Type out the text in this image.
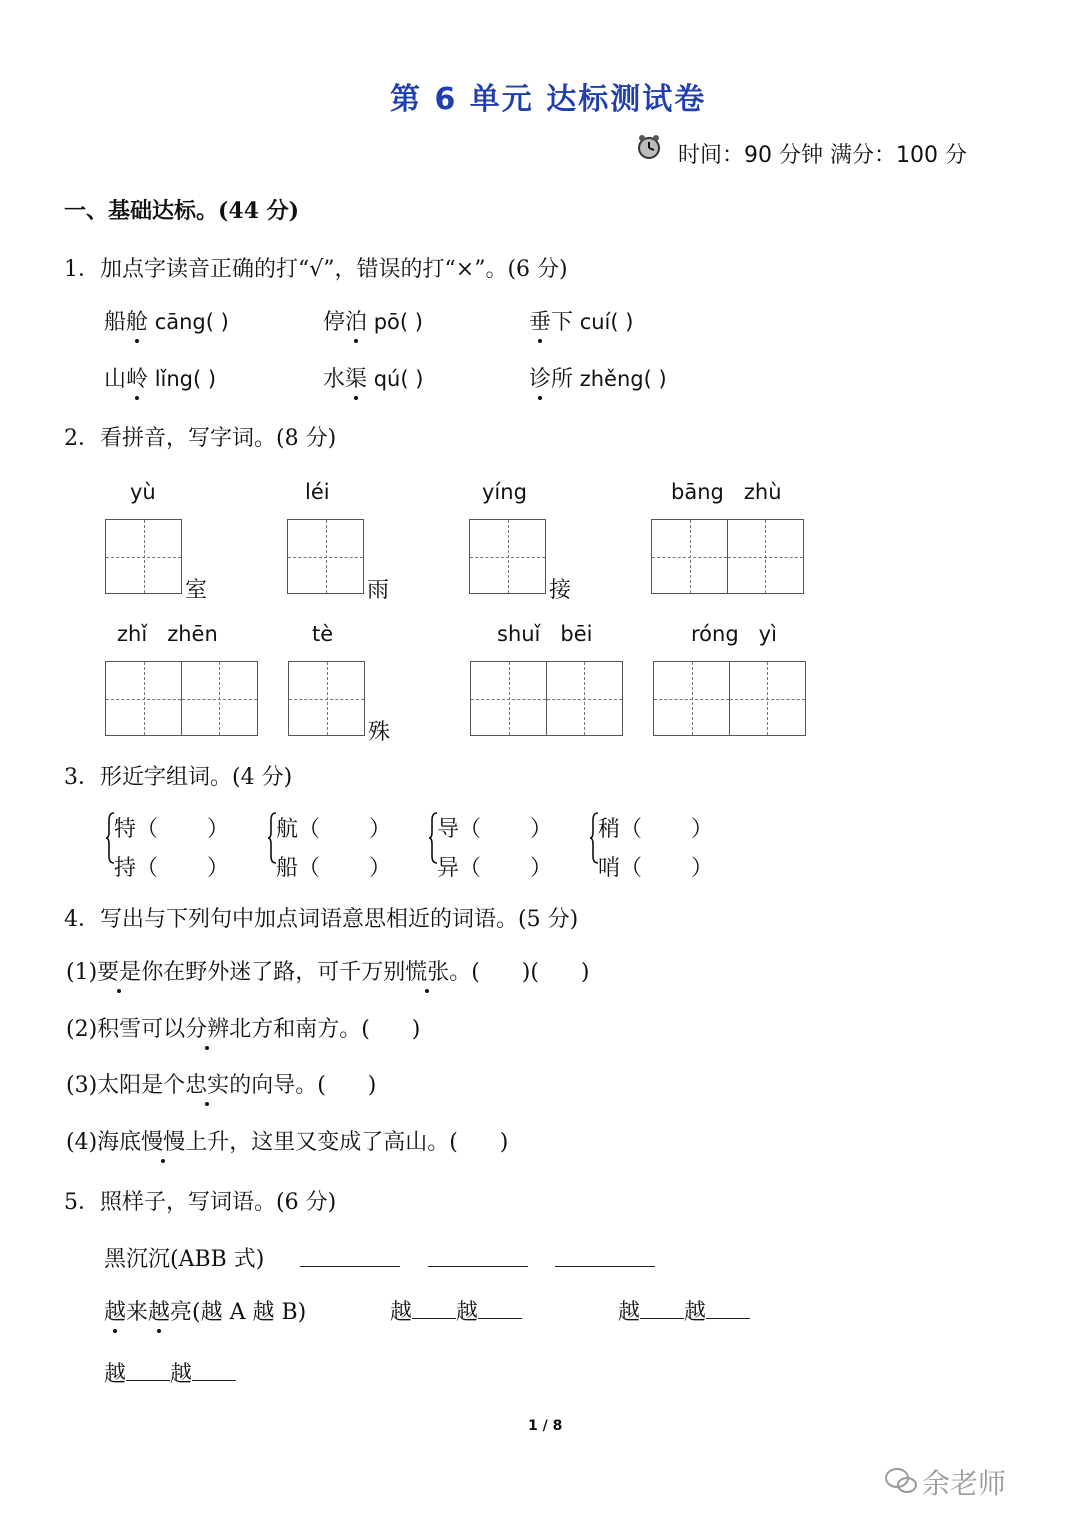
第 6 单元 达标测试卷
时间：90 分钟 满分：100 分
一、基础达标。(44 分)
1．加点字读音正确的打“√”，错误的打“×”。(6 分)
船舱 cāng( )	停泊 pō( )	垂下 cuí( )
山岭 lǐng( )	水渠 qú( )	诊所 zhěng( )
2．看拼音，写字词。(8 分)
yù	léi	yíng	bāng   zhù
室	雨	接
zhǐ   zhēn	tè	shuǐ   bēi	róng   yì
殊
3．形近字组词。(4 分)
特（       ）
持（       ）
航（       ）
船（       ）
导（       ）
异（       ）
稍（       ）
哨（       ）
4．写出与下列句中加点词语意思相近的词语。(5 分)
(1)要是你在野外迷了路，可千万别慌张。(      )(      )
(2)积雪可以分辨北方和南方。(      )
(3)太阳是个忠实的向导。(      )
(4)海底慢慢上升，这里又变成了高山。(      )
5．照样子，写词语。(6 分)
黑沉沉(ABB 式)
越来越亮(越 A 越 B)	越 越	越 越
越 越
1 / 8
余老师
